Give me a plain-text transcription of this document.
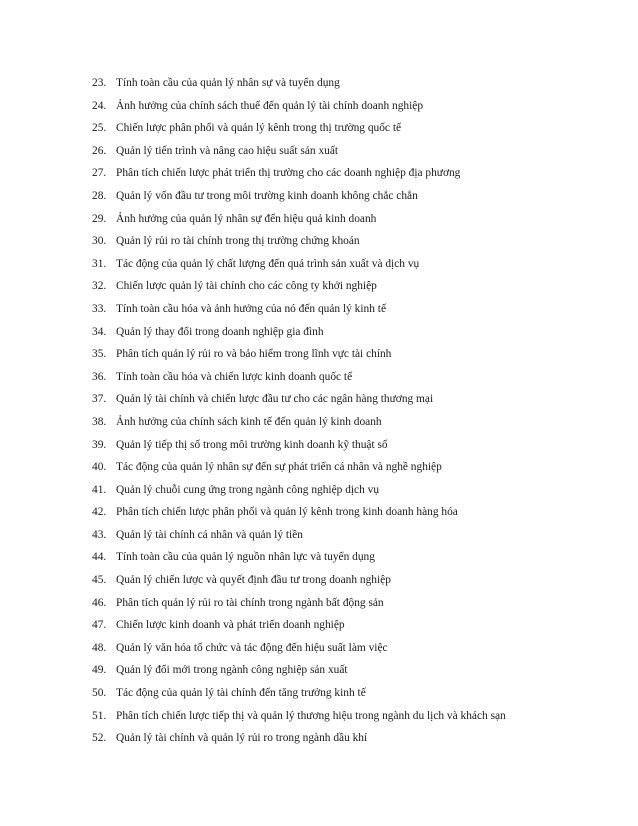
23. Tính toàn cầu của quản lý nhân sự và tuyển dụng
24. Ảnh hưởng của chính sách thuế đến quản lý tài chính doanh nghiệp
25. Chiến lược phân phối và quản lý kênh trong thị trường quốc tế
26. Quản lý tiến trình và nâng cao hiệu suất sản xuất
27. Phân tích chiến lược phát triển thị trường cho các doanh nghiệp địa phương
28. Quản lý vốn đầu tư trong môi trường kinh doanh không chắc chắn
29. Ảnh hưởng của quản lý nhân sự đến hiệu quả kinh doanh
30. Quản lý rủi ro tài chính trong thị trường chứng khoán
31. Tác động của quản lý chất lượng đến quá trình sản xuất và dịch vụ
32. Chiến lược quản lý tài chính cho các công ty khởi nghiệp
33. Tính toàn cầu hóa và ảnh hưởng của nó đến quản lý kinh tế
34. Quản lý thay đổi trong doanh nghiệp gia đình
35. Phân tích quản lý rủi ro và bảo hiểm trong lĩnh vực tài chính
36. Tính toàn cầu hóa và chiến lược kinh doanh quốc tế
37. Quản lý tài chính và chiến lược đầu tư cho các ngân hàng thương mại
38. Ảnh hưởng của chính sách kinh tế đến quản lý kinh doanh
39. Quản lý tiếp thị số trong môi trường kinh doanh kỹ thuật số
40. Tác động của quản lý nhân sự đến sự phát triển cá nhân và nghề nghiệp
41. Quản lý chuỗi cung ứng trong ngành công nghiệp dịch vụ
42. Phân tích chiến lược phân phối và quản lý kênh trong kinh doanh hàng hóa
43. Quản lý tài chính cá nhân và quản lý tiền
44. Tính toàn cầu của quản lý nguồn nhân lực và tuyển dụng
45. Quản lý chiến lược và quyết định đầu tư trong doanh nghiệp
46. Phân tích quản lý rủi ro tài chính trong ngành bất động sản
47. Chiến lược kinh doanh và phát triển doanh nghiệp
48. Quản lý văn hóa tổ chức và tác động đến hiệu suất làm việc
49. Quản lý đổi mới trong ngành công nghiệp sản xuất
50. Tác động của quản lý tài chính đến tăng trưởng kinh tế
51. Phân tích chiến lược tiếp thị và quản lý thương hiệu trong ngành du lịch và khách sạn
52. Quản lý tài chính và quản lý rủi ro trong ngành dầu khí
